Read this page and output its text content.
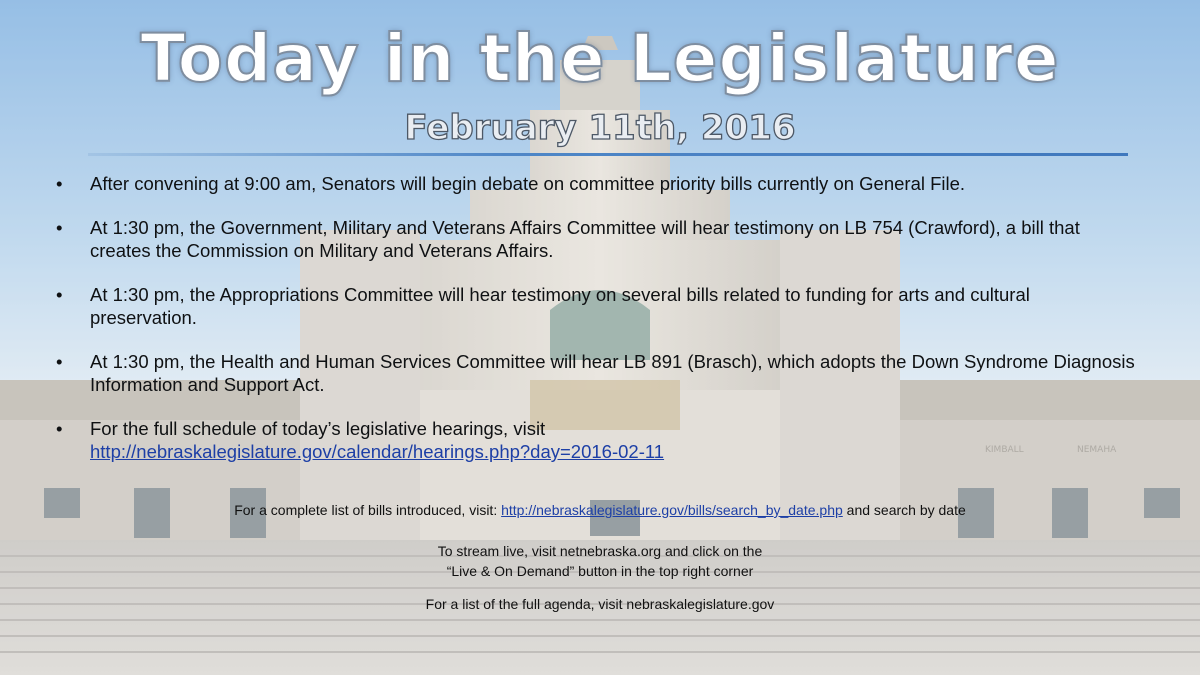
KIMBALL	NEMAHA
Today in the Legislature
February 11th, 2016
• After convening at 9:00 am, Senators will begin debate on committee priority bills currently on General File.
• At 1:30 pm, the Government, Military and Veterans Affairs Committee will hear testimony on LB 754 (Crawford), a bill that creates the Commission on Military and Veterans Affairs.
• At 1:30 pm, the Appropriations Committee will hear testimony on several bills related to funding for arts and cultural preservation.
• At 1:30 pm, the Health and Human Services Committee will hear LB 891 (Brasch), which adopts the Down Syndrome Diagnosis Information and Support Act.
• For the full schedule of today’s legislative hearings, visit
http://nebraskalegislature.gov/calendar/hearings.php?day=2016-02-11
For a complete list of bills introduced, visit: http://nebraskalegislature.gov/bills/search_by_date.php and search by date
To stream live, visit netnebraska.org and click on the
“Live & On Demand” button in the top right corner
For a list of the full agenda, visit nebraskalegislature.gov
